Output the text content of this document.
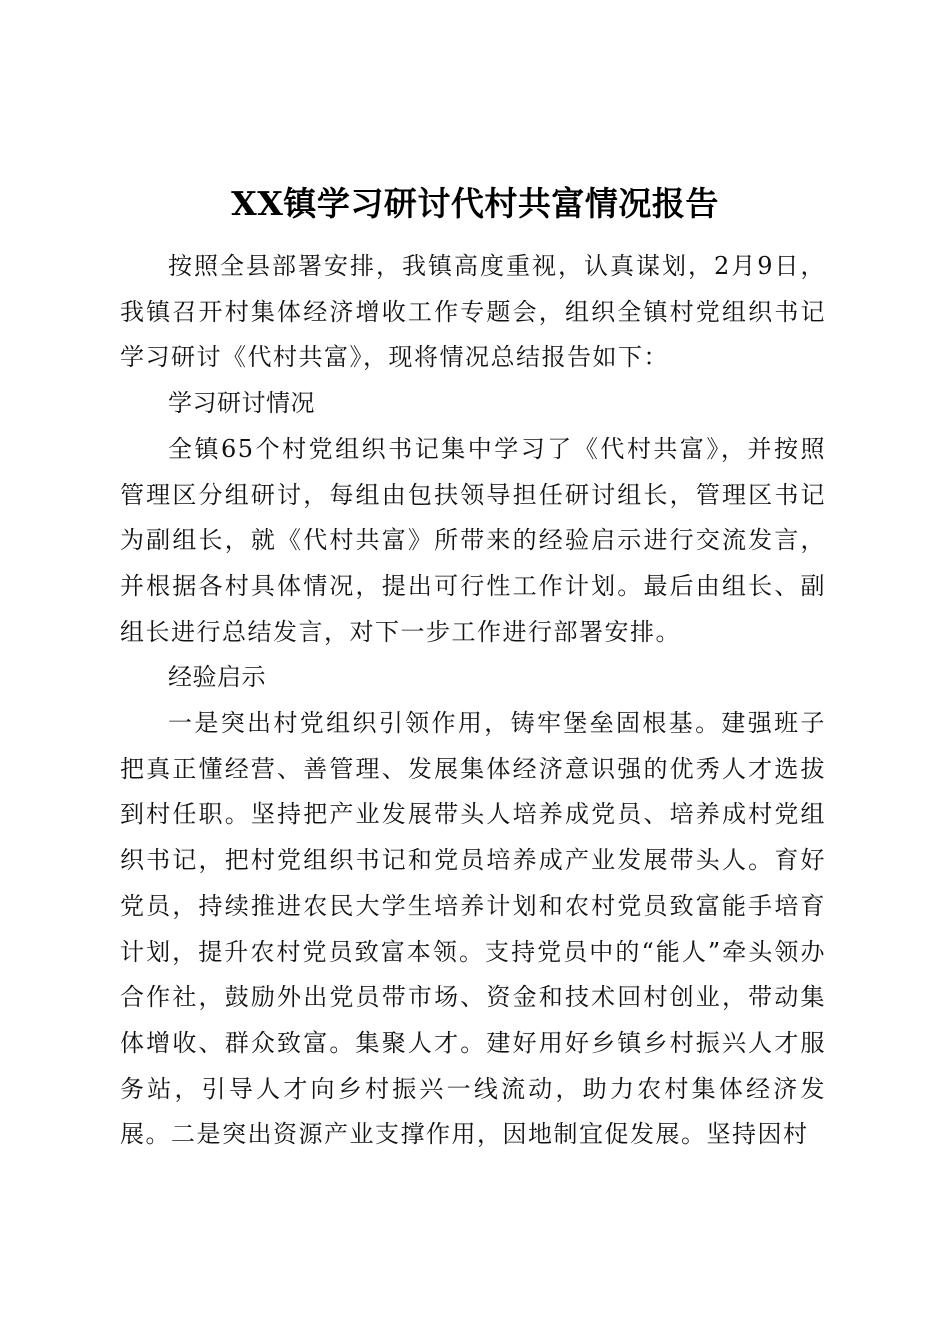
XX镇学习研讨代村共富情况报告

按照全县部署安排，我镇高度重视，认真谋划，2月9日，我镇召开村集体经济增收工作专题会，组织全镇村党组织书记学习研讨《代村共富》，现将情况总结报告如下：

学习研讨情况

全镇65个村党组织书记集中学习了《代村共富》，并按照管理区分组研讨，每组由包扶领导担任研讨组长，管理区书记为副组长，就《代村共富》所带来的经验启示进行交流发言，并根据各村具体情况，提出可行性工作计划。最后由组长、副组长进行总结发言，对下一步工作进行部署安排。

经验启示

一是突出村党组织引领作用，铸牢堡垒固根基。建强班子把真正懂经营、善管理、发展集体经济意识强的优秀人才选拔到村任职。坚持把产业发展带头人培养成党员、培养成村党组织书记，把村党组织书记和党员培养成产业发展带头人。育好党员，持续推进农民大学生培养计划和农村党员致富能手培育计划，提升农村党员致富本领。支持党员中的“能人”牵头领办合作社，鼓励外出党员带市场、资金和技术回村创业，带动集体增收、群众致富。集聚人才。建好用好乡镇乡村振兴人才服务站，引导人才向乡村振兴一线流动，助力农村集体经济发展。二是突出资源产业支撑作用，因地制宜促发展。坚持因村
